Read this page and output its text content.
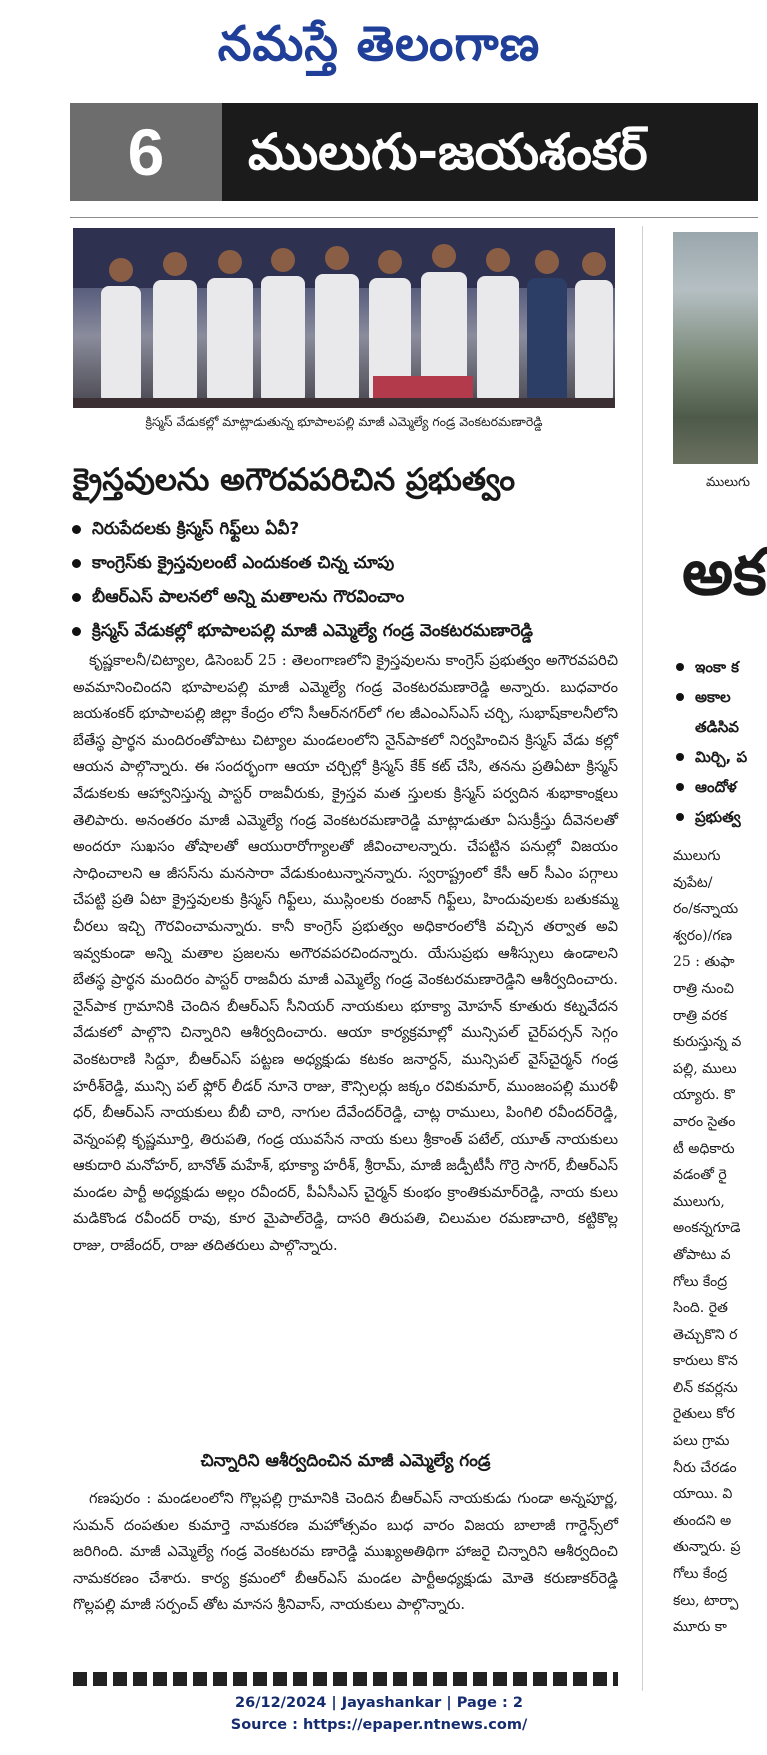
నమస్తే తెలంగాణ
6	ములుగు-జయశంకర్
క్రిస్మస్ వేడుకల్లో మాట్లాడుతున్న భూపాలపల్లి మాజీ ఎమ్మెల్యే గండ్ర వెంకటరమణారెడ్డి
క్రైస్తవులను అగౌరవపరిచిన ప్రభుత్వం
నిరుపేదలకు క్రిస్మస్ గిఫ్ట్‌లు ఏవీ?
కాంగ్రెస్‌కు క్రైస్తవులంటే ఎందుకంత చిన్న చూపు
బీఆర్‌ఎస్ పాలనలో అన్ని మతాలను గౌరవించాం
క్రిస్మస్ వేడుకల్లో భూపాలపల్లి మాజీ ఎమ్మెల్యే గండ్ర వెంకటరమణారెడ్డి
కృష్ణకాలనీ/చిట్యాల, డిసెంబర్ 25 : తెలంగాణలోని క్రైస్తవులను కాంగ్రెస్ ప్రభుత్వం అగౌరవపరిచి అవమానించిందని భూపాలపల్లి మాజీ ఎమ్మెల్యే గండ్ర వెంకటరమణారెడ్డి అన్నారు. బుధవారం జయశంకర్ భూపాలపల్లి జిల్లా కేంద్రం లోని సీఆర్‌నగర్‌లో గల జీఎంఎస్‌ఎస్ చర్చి, సుభాష్‌కాలనీలోని బేతేస్థ ప్రార్థన మందిరంతోపాటు చిట్యాల మండలంలోని నైన్‌పాకలో నిర్వహించిన క్రిస్మస్ వేడు కల్లో ఆయన పాల్గొన్నారు. ఈ సందర్భంగా ఆయా చర్చిల్లో క్రిస్మస్ కేక్ కట్ చేసి, తనను ప్రతిఏటా క్రిస్మస్ వేడుకలకు ఆహ్వానిస్తున్న పాస్టర్ రాజవీరుకు, క్రైస్తవ మత స్తులకు క్రిస్మస్ పర్వదిన శుభాకాంక్షలు తెలిపారు. అనంతరం మాజీ ఎమ్మెల్యే గండ్ర వెంకటరమణారెడ్డి మాట్లాడుతూ ఏసుక్రీస్తు దీవెనలతో అందరూ సుఖసం తోషాలతో ఆయురారోగ్యాలతో జీవించాలన్నారు. చేపట్టిన పనుల్లో విజయం సాధించాలని ఆ జీసస్‌ను మనసారా వేడుకుంటున్నానన్నారు. స్వరాష్ట్రంలో కేసీ ఆర్ సీఎం పగ్గాలు చేపట్టి ప్రతి ఏటా క్రైస్తవులకు క్రిస్మస్ గిఫ్ట్‌లు, ముస్లింలకు రంజాన్ గిఫ్ట్‌లు, హిందువులకు బతుకమ్మ చీరలు ఇచ్చి గౌరవించామన్నారు. కానీ కాంగ్రెస్ ప్రభుత్వం అధికారంలోకి వచ్చిన తర్వాత అవి ఇవ్వకుండా అన్ని మతాల ప్రజలను అగౌరవపరచిందన్నారు. యేసుప్రభు ఆశీస్సులు ఉండాలని బేతస్థ ప్రార్థన మందిరం పాస్టర్ రాజవీరు మాజీ ఎమ్మెల్యే గండ్ర వెంకటరమణారెడ్డిని ఆశీర్వదించారు. నైన్‌పాక గ్రామానికి చెందిన బీఆర్‌ఎస్ సీనియర్ నాయకులు భూక్యా మోహన్ కూతురు కట్నవేదన వేడుకలో పాల్గొని చిన్నారిని ఆశీర్వదించారు. ఆయా కార్యక్రమాల్లో మున్సిపల్ చైర్‌పర్సన్ సెగ్గం వెంకటరాణి సిద్దూ, బీఆర్‌ఎస్ పట్టణ అధ్యక్షుడు కటకం జనార్దన్, మున్సిపల్ వైస్‌చైర్మన్ గండ్ర హరీశ్‌రెడ్డి, మున్సి పల్ ఫ్లోర్ లీడర్ నూనె రాజు, కౌన్సిలర్లు జక్కం రవికుమార్, ముంజంపల్లి మురళీ ధర్, బీఆర్‌ఎస్ నాయకులు బీబీ చారి, నాగుల దేవేందర్‌రెడ్డి, చాట్ల రాములు, పింగిలి రవీందర్‌రెడ్డి, వెన్నంపల్లి కృష్ణమూర్తి, తిరుపతి, గండ్ర యువసేన నాయ కులు శ్రీకాంత్ పటేల్, యూత్ నాయకులు ఆకుదారి మనోహర్, బానోత్ మహేశ్, భూక్యా హరీశ్, శ్రీరామ్, మాజీ జడ్పీటీసీ గొర్రె సాగర్, బీఆర్‌ఎస్ మండల పార్టీ అధ్యక్షుడు అల్లం రవీందర్, పీఏసీఎస్ చైర్మన్ కుంభం క్రాంతికుమార్‌రెడ్డి, నాయ కులు మడికొండ రవీందర్ రావు, కూర మైపాల్‌రెడ్డి, దాసరి తిరుపతి, చిలుమల రమణాచారి, కట్టికొల్ల రాజు, రాజేందర్, రాజు తదితరులు పాల్గొన్నారు.
చిన్నారిని ఆశీర్వదించిన మాజీ ఎమ్మెల్యే గండ్ర
గణపురం : మండలంలోని గొల్లపల్లి గ్రామానికి చెందిన బీఆర్‌ఎస్ నాయకుడు గుండా అన్నపూర్ణ, సుమన్ దంపతుల కుమార్తె నామకరణ మహోత్సవం బుధ వారం విజయ బాలాజీ గార్డెన్స్‌లో జరిగింది. మాజీ ఎమ్మెల్యే గండ్ర వెంకటరమ ణారెడ్డి ముఖ్యఅతిథిగా హాజరై చిన్నారిని ఆశీర్వదించి నామకరణం చేశారు. కార్య క్రమంలో బీఆర్‌ఎస్ మండల పార్టీఅధ్యక్షుడు మోతె కరుణాకర్‌రెడ్డి గొల్లపల్లి మాజీ సర్పంచ్ తోట మానస శ్రీనివాస్, నాయకులు పాల్గొన్నారు.
ములుగు
అక
ఇంకా క
అకాల
తడిసివ
మిర్చి, ప
ఆందోళ
ప్రభుత్వ
ములుగు
వుపేట/
రం/కన్నాయ
శ్వరం)/గణ
25 : తుఫా
రాత్రి నుంచి
రాత్రి వరక
కురుస్తున్న వ
పల్లి, ములు
య్యారు. కొ
వారం సైతం
టీ అధికారు
వడంతో రై
ములుగు,
అంకన్నగూడె
తోపాటు వ
గోలు కేంద్ర
సింది. రైత
తెచ్చుకొని ర
కారులు కొన
లిన్ కవర్లను
రైతులు కోర
పలు గ్రామ
నీరు చేరడం
యాయి. వి
తుందని అ
తున్నారు. ప్ర
గోలు కేంద్ర
కలు, టార్పా
మూరు కా
26/12/2024 | Jayashankar | Page : 2
Source : https://epaper.ntnews.com/
